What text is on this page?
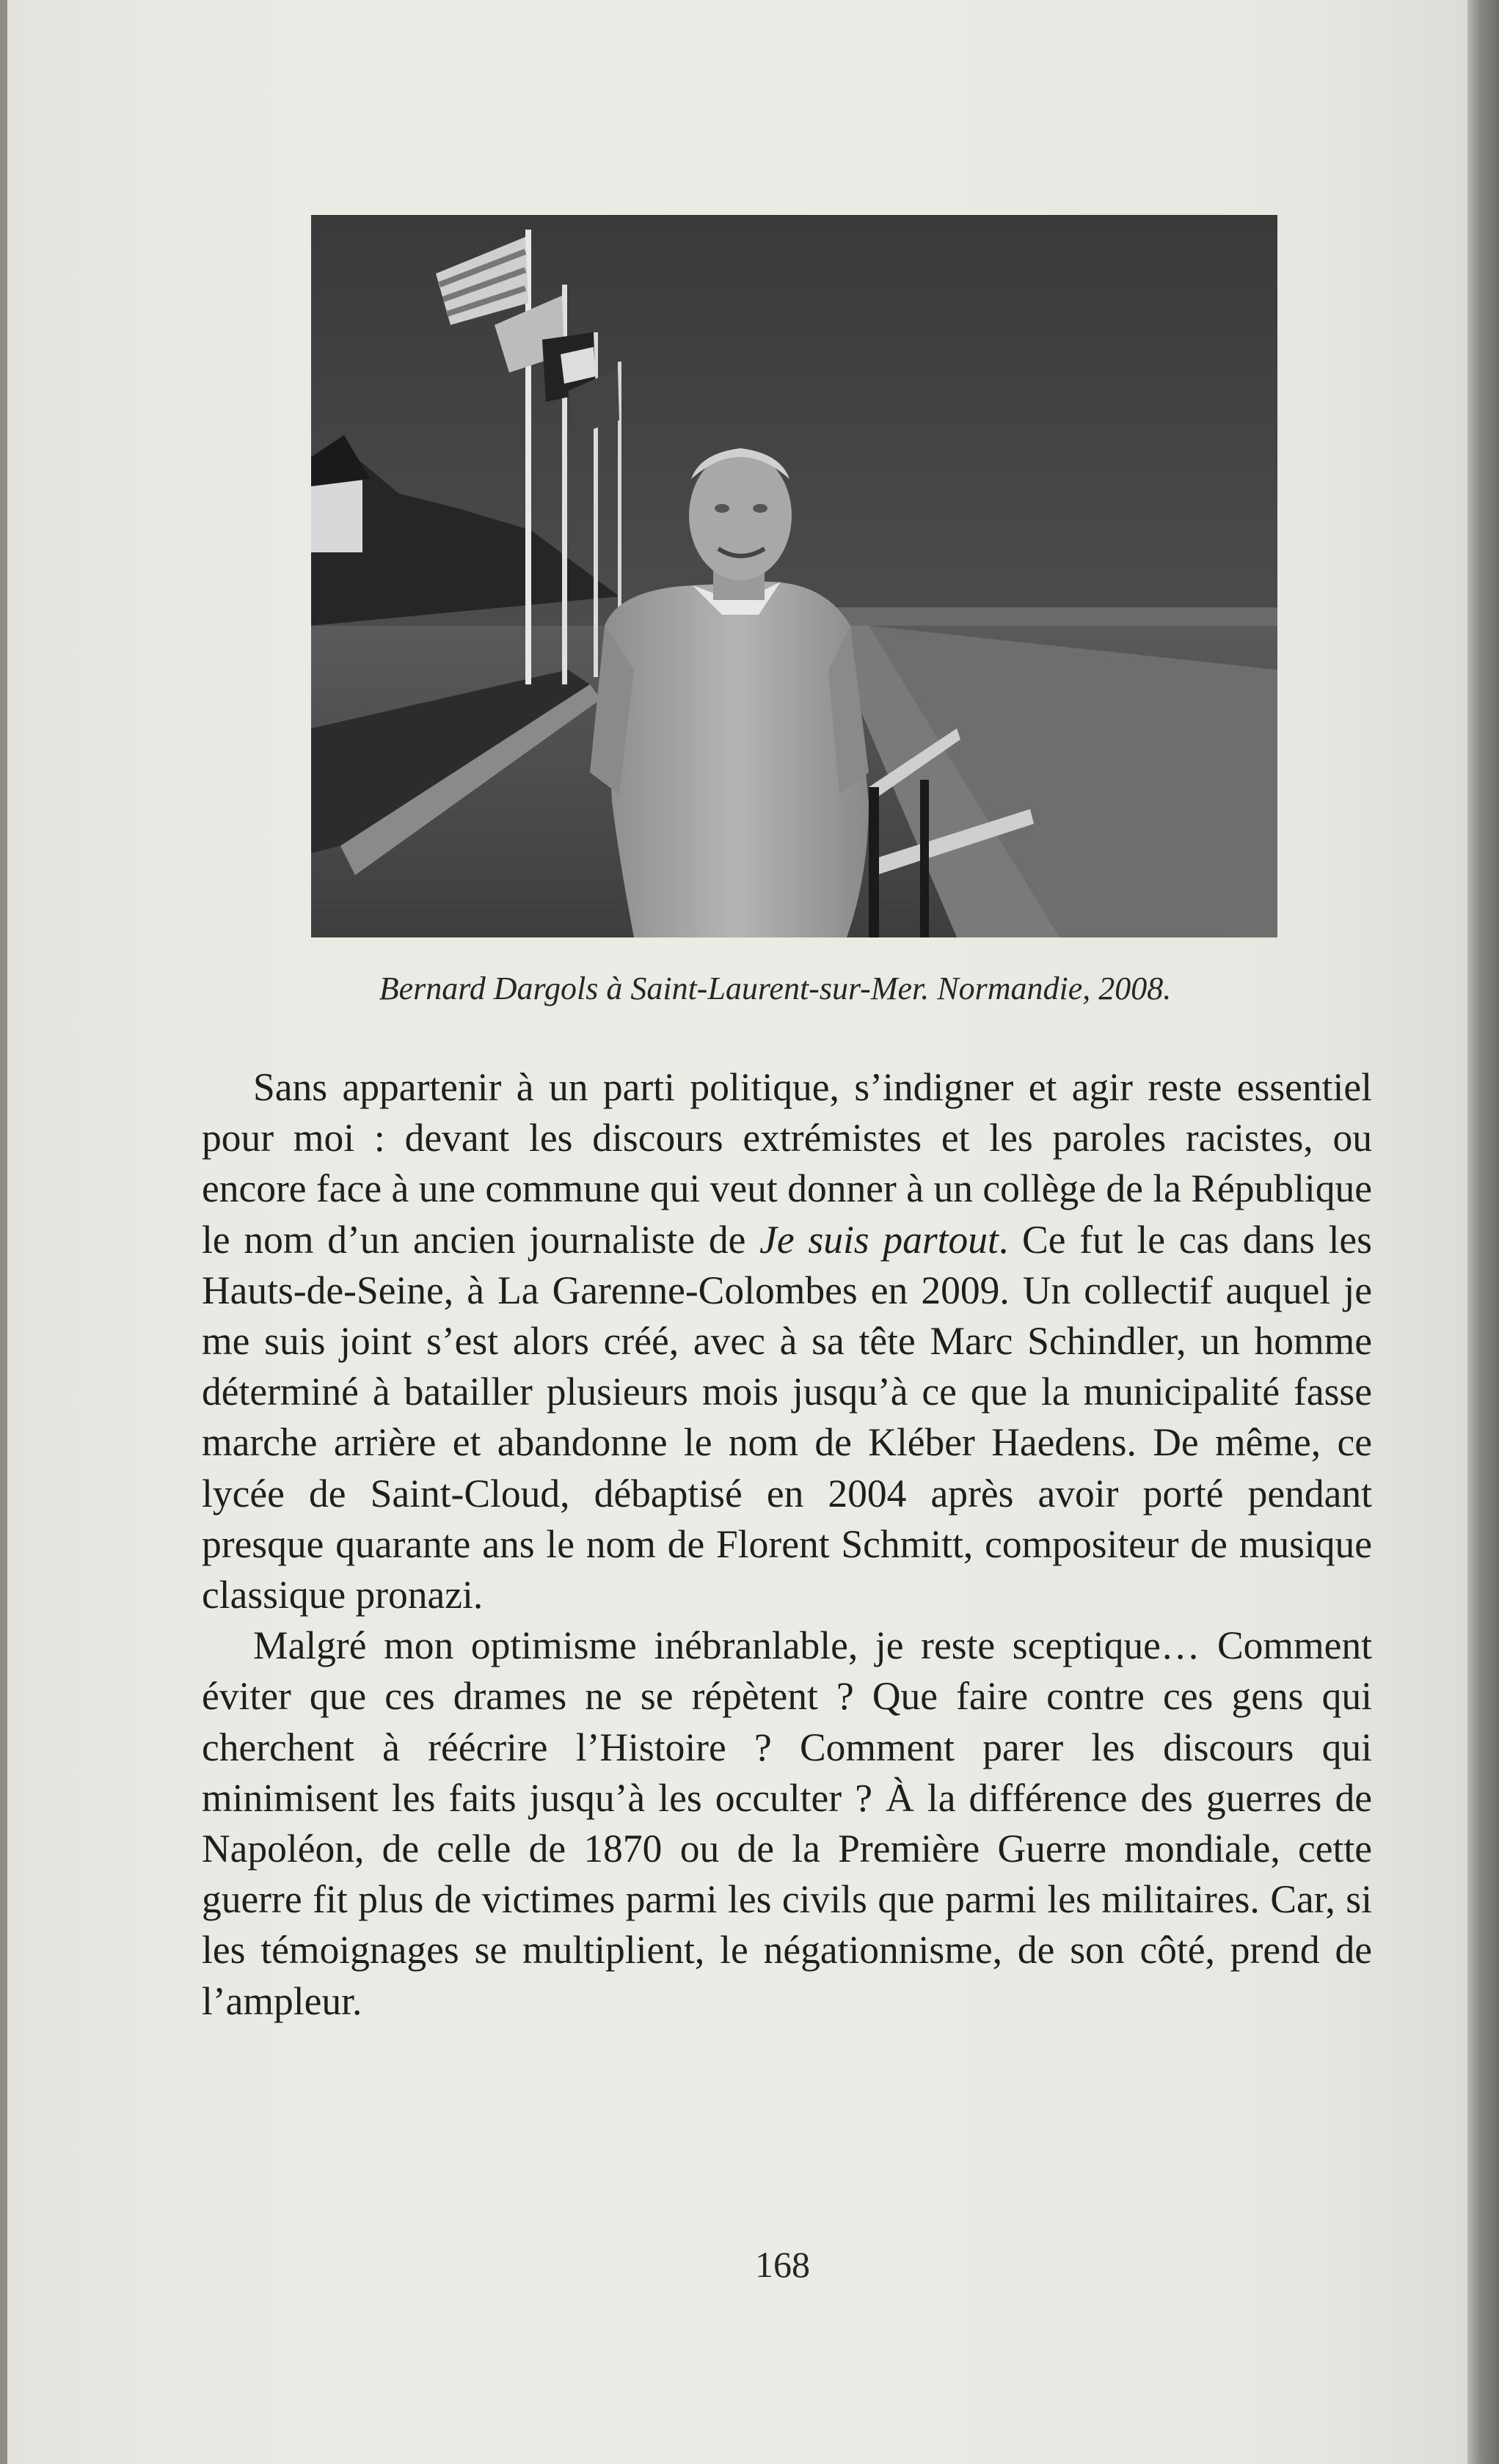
Bernard Dargols à Saint-Laurent-sur-Mer. Normandie, 2008.

Sans appartenir à un parti politique, s’indigner et agir reste essentiel pour moi : devant les discours extrémistes et les paroles racistes, ou encore face à une commune qui veut donner à un collège de la République le nom d’un ancien journaliste de Je suis partout. Ce fut le cas dans les Hauts-de-Seine, à La Garenne-Colombes en 2009. Un collectif auquel je me suis joint s’est alors créé, avec à sa tête Marc Schindler, un homme déterminé à batailler plusieurs mois jusqu’à ce que la municipalité fasse marche arrière et abandonne le nom de Kléber Haedens. De même, ce lycée de Saint-Cloud, débaptisé en 2004 après avoir porté pendant presque quarante ans le nom de Florent Schmitt, compositeur de musique classique pronazi.

Malgré mon optimisme inébranlable, je reste sceptique… Comment éviter que ces drames ne se répètent ? Que faire contre ces gens qui cherchent à réécrire l’Histoire ? Comment parer les discours qui minimisent les faits jusqu’à les occulter ? À la différence des guerres de Napoléon, de celle de 1870 ou de la Première Guerre mondiale, cette guerre fit plus de victimes parmi les civils que parmi les militaires. Car, si les témoignages se multiplient, le négationnisme, de son côté, prend de l’ampleur.

168
